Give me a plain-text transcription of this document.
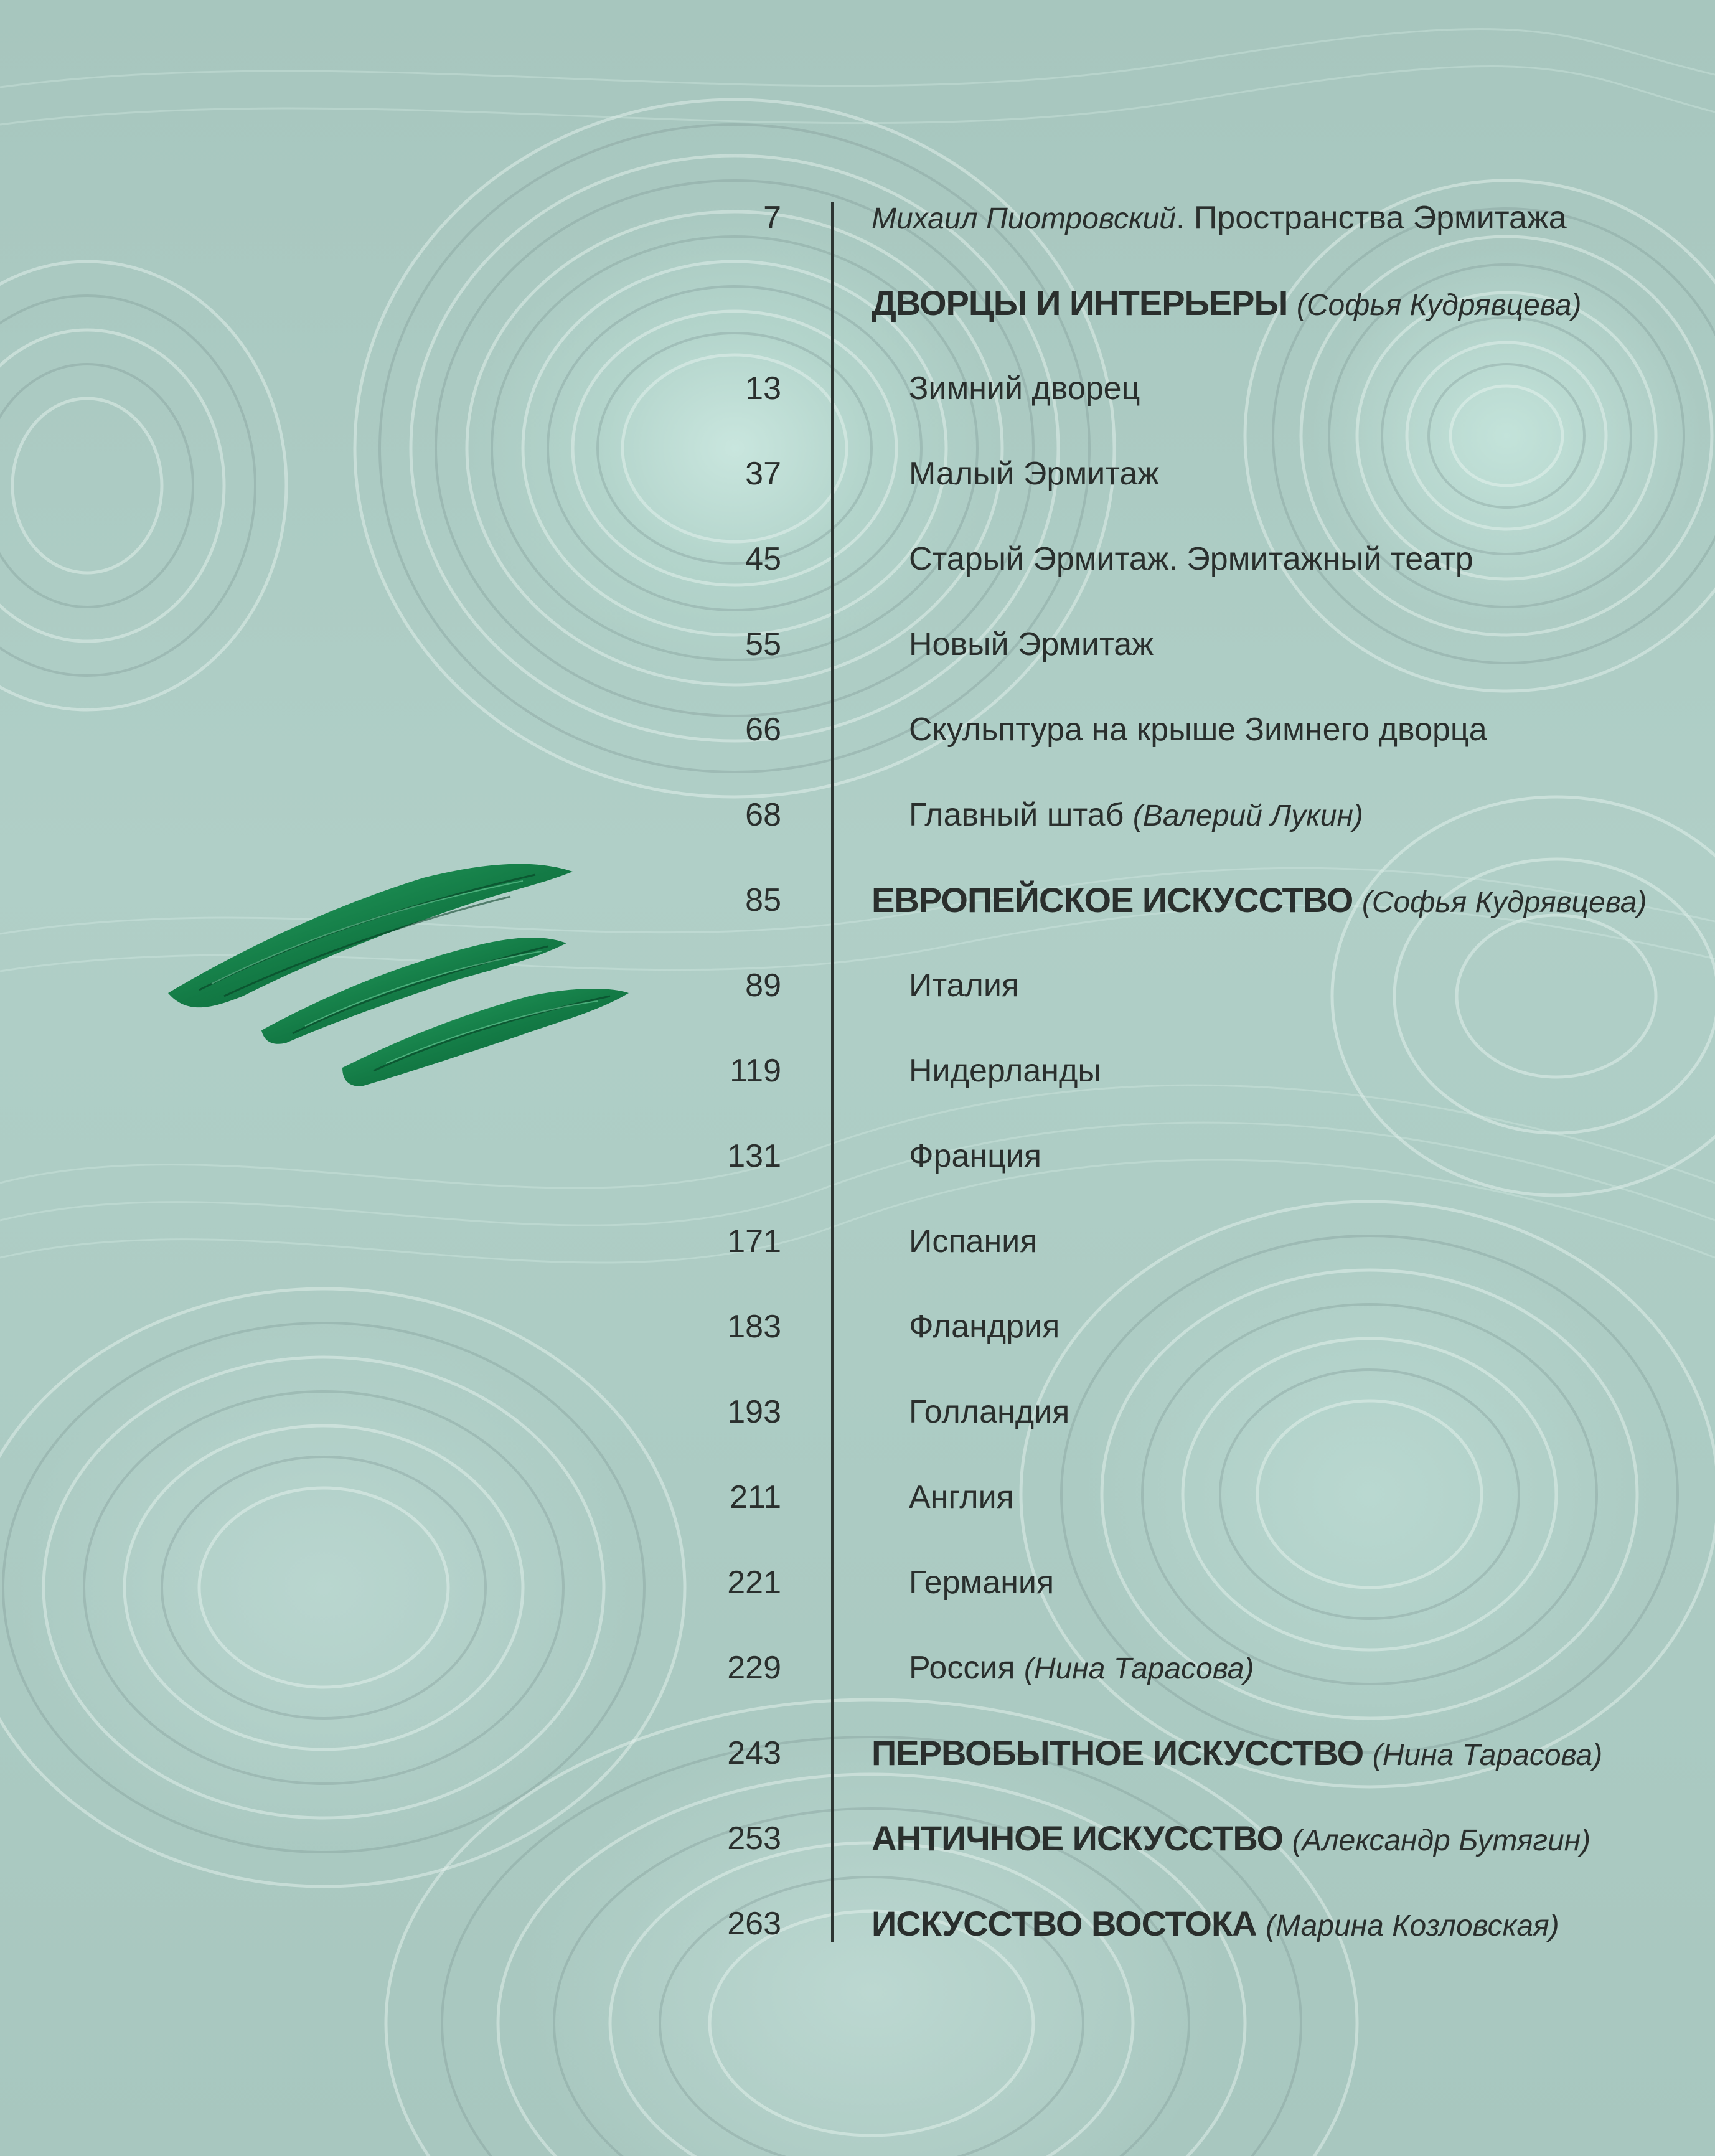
7	Михаил Пиотровский. Пространства Эрмитажа
ДВОРЦЫ И ИНТЕРЬЕРЫ (Софья Кудрявцева)
13	Зимний дворец
37	Малый Эрмитаж
45	Старый Эрмитаж. Эрмитажный театр
55	Новый Эрмитаж
66	Скульптура на крыше Зимнего дворца
68	Главный штаб (Валерий Лукин)
85	ЕВРОПЕЙСКОЕ ИСКУССТВО (Софья Кудрявцева)
89	Италия
119	Нидерланды
131	Франция
171	Испания
183	Фландрия
193	Голландия
211	Англия
221	Германия
229	Россия (Нина Тарасова)
243	ПЕРВОБЫТНОЕ ИСКУССТВО (Нина Тарасова)
253	АНТИЧНОЕ ИСКУССТВО (Александр Бутягин)
263	ИСКУССТВО ВОСТОКА (Марина Козловская)
